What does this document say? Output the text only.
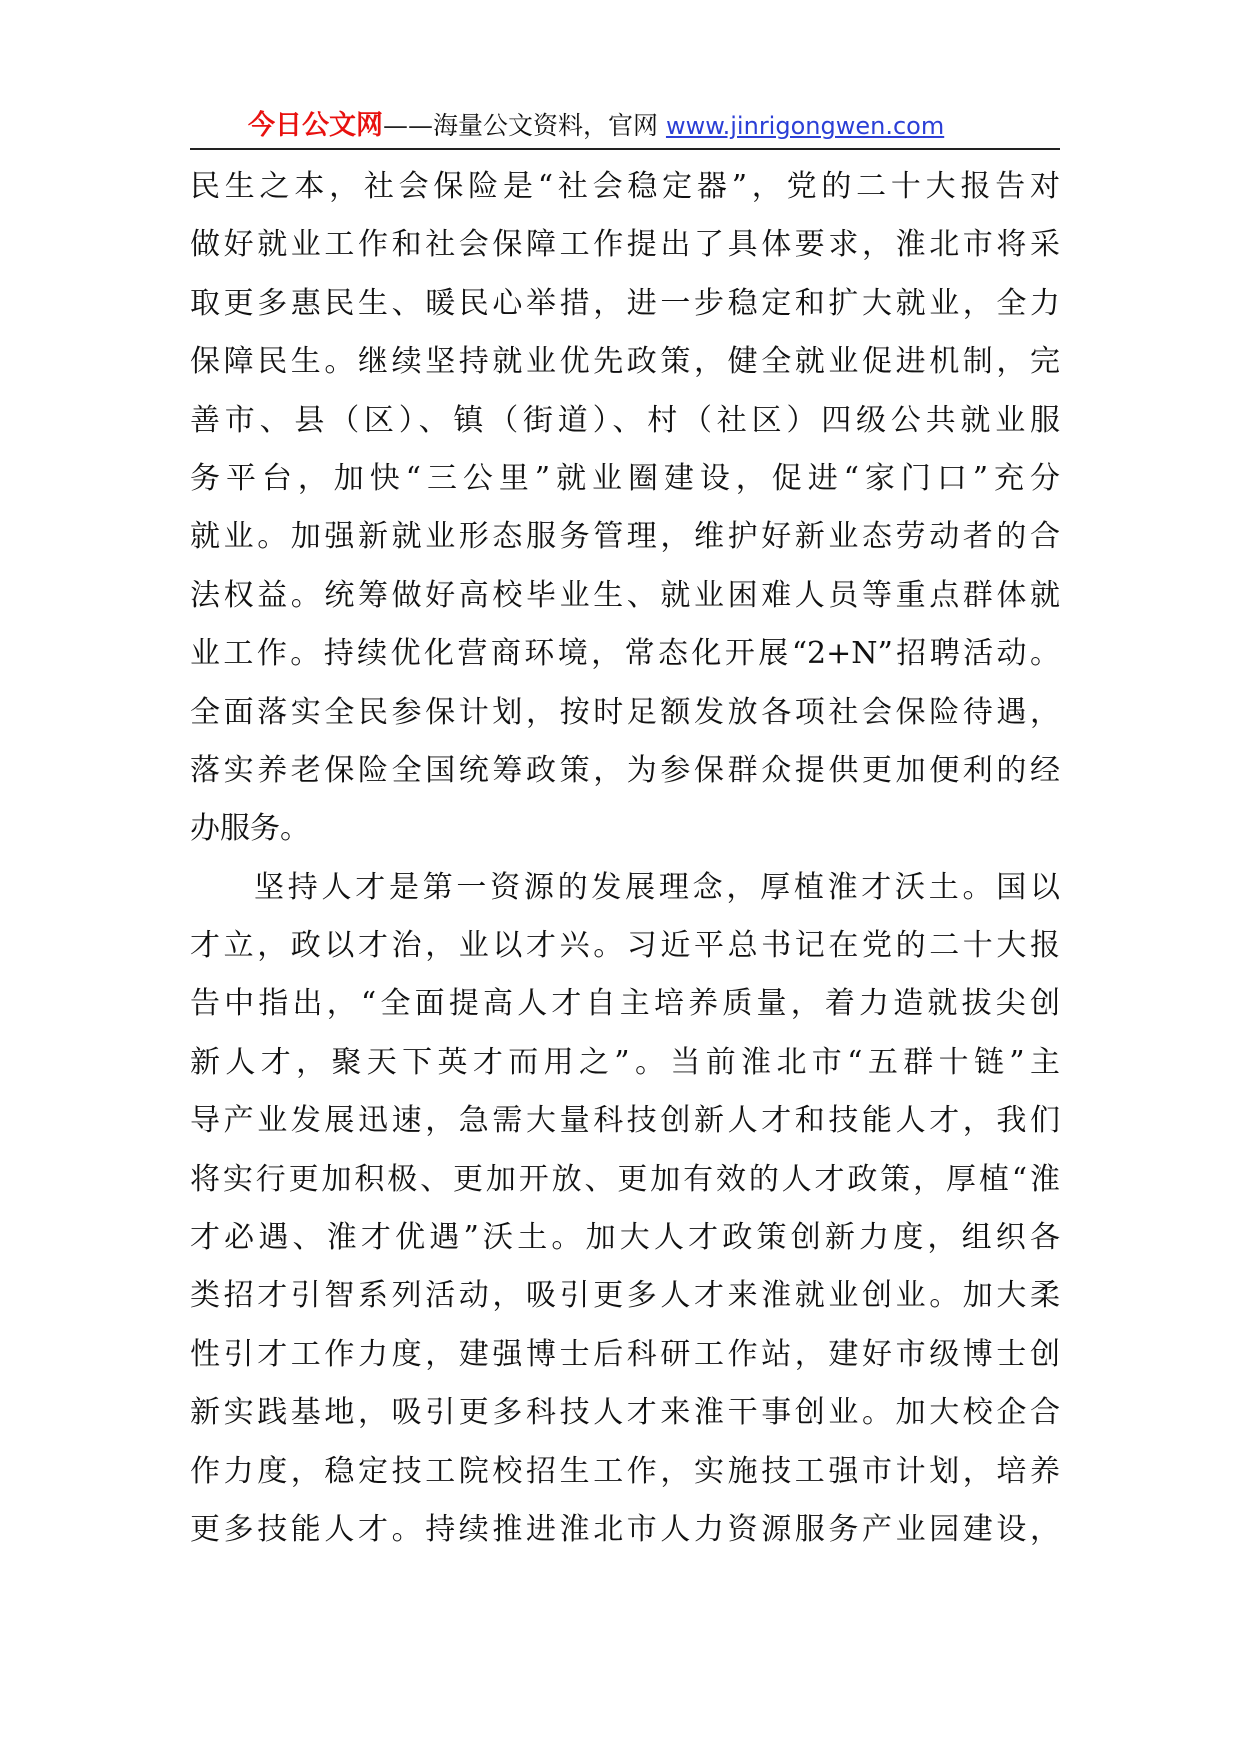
今日公文网——海量公文资料，官网 www.jinrigongwen.com
民生之本，社会保险是“社会稳定器”，党的二十大报告对
做好就业工作和社会保障工作提出了具体要求，淮北市将采
取更多惠民生、暖民心举措，进一步稳定和扩大就业，全力
保障民生。继续坚持就业优先政策，健全就业促进机制，完
善市、县（区）、镇（街道）、村（社区）四级公共就业服
务平台，加快“三公里”就业圈建设，促进“家门口”充分
就业。加强新就业形态服务管理，维护好新业态劳动者的合
法权益。统筹做好高校毕业生、就业困难人员等重点群体就
业工作。持续优化营商环境，常态化开展“2+N”招聘活动。
全面落实全民参保计划，按时足额发放各项社会保险待遇，
落实养老保险全国统筹政策，为参保群众提供更加便利的经
办服务。
坚持人才是第一资源的发展理念，厚植淮才沃土。国以
才立，政以才治，业以才兴。习近平总书记在党的二十大报
告中指出，“全面提高人才自主培养质量，着力造就拔尖创
新人才，聚天下英才而用之”。当前淮北市“五群十链”主
导产业发展迅速，急需大量科技创新人才和技能人才，我们
将实行更加积极、更加开放、更加有效的人才政策，厚植“淮
才必遇、淮才优遇”沃土。加大人才政策创新力度，组织各
类招才引智系列活动，吸引更多人才来淮就业创业。加大柔
性引才工作力度，建强博士后科研工作站，建好市级博士创
新实践基地，吸引更多科技人才来淮干事创业。加大校企合
作力度，稳定技工院校招生工作，实施技工强市计划，培养
更多技能人才。持续推进淮北市人力资源服务产业园建设，
